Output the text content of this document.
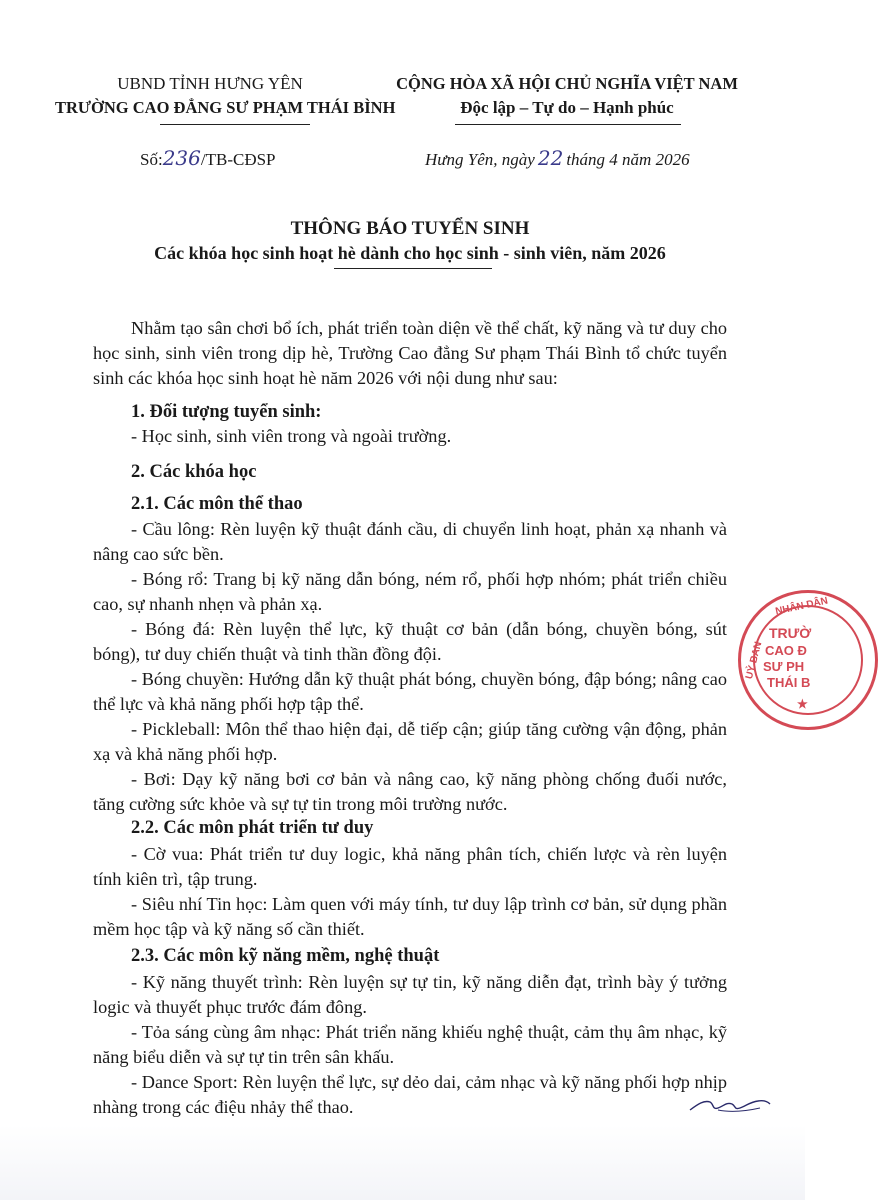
UBND TỈNH HƯNG YÊN
TRƯỜNG CAO ĐẲNG SƯ PHẠM THÁI BÌNH
CỘNG HÒA XÃ HỘI CHỦ NGHĨA VIỆT NAM
Độc lập – Tự do – Hạnh phúc
Số:236/TB-CĐSP	Hưng Yên, ngày 22 tháng 4 năm 2026
THÔNG BÁO TUYỂN SINH
Các khóa học sinh hoạt hè dành cho học sinh - sinh viên, năm 2026
Nhằm tạo sân chơi bổ ích, phát triển toàn diện về thể chất, kỹ năng và tư duy cho học sinh, sinh viên trong dịp hè, Trường Cao đẳng Sư phạm Thái Bình tổ chức tuyển sinh các khóa học sinh hoạt hè năm 2026 với nội dung như sau:
1. Đối tượng tuyển sinh:
- Học sinh, sinh viên trong và ngoài trường.
2. Các khóa học
2.1. Các môn thể thao

- Cầu lông: Rèn luyện kỹ thuật đánh cầu, di chuyển linh hoạt, phản xạ nhanh và nâng cao sức bền.

- Bóng rổ: Trang bị kỹ năng dẫn bóng, ném rổ, phối hợp nhóm; phát triển chiều cao, sự nhanh nhẹn và phản xạ.

- Bóng đá: Rèn luyện thể lực, kỹ thuật cơ bản (dẫn bóng, chuyền bóng, sút bóng), tư duy chiến thuật và tinh thần đồng đội.

- Bóng chuyền: Hướng dẫn kỹ thuật phát bóng, chuyền bóng, đập bóng; nâng cao thể lực và khả năng phối hợp tập thể.

- Pickleball: Môn thể thao hiện đại, dễ tiếp cận; giúp tăng cường vận động, phản xạ và khả năng phối hợp.

- Bơi: Dạy kỹ năng bơi cơ bản và nâng cao, kỹ năng phòng chống đuối nước, tăng cường sức khỏe và sự tự tin trong môi trường nước.

2.2. Các môn phát triển tư duy

- Cờ vua: Phát triển tư duy logic, khả năng phân tích, chiến lược và rèn luyện tính kiên trì, tập trung.

- Siêu nhí Tin học: Làm quen với máy tính, tư duy lập trình cơ bản, sử dụng phần mềm học tập và kỹ năng số cần thiết.

2.3. Các môn kỹ năng mềm, nghệ thuật

- Kỹ năng thuyết trình: Rèn luyện sự tự tin, kỹ năng diễn đạt, trình bày ý tưởng logic và thuyết phục trước đám đông.

- Tỏa sáng cùng âm nhạc: Phát triển năng khiếu nghệ thuật, cảm thụ âm nhạc, kỹ năng biểu diễn và sự tự tin trên sân khấu.

- Dance Sport: Rèn luyện thể lực, sự dẻo dai, cảm nhạc và kỹ năng phối hợp nhịp nhàng trong các điệu nhảy thể thao.

NHÂN DÂN
UỶ BAN
TRƯỜ
CAO Đ
SƯ PH
THÁI B
★
